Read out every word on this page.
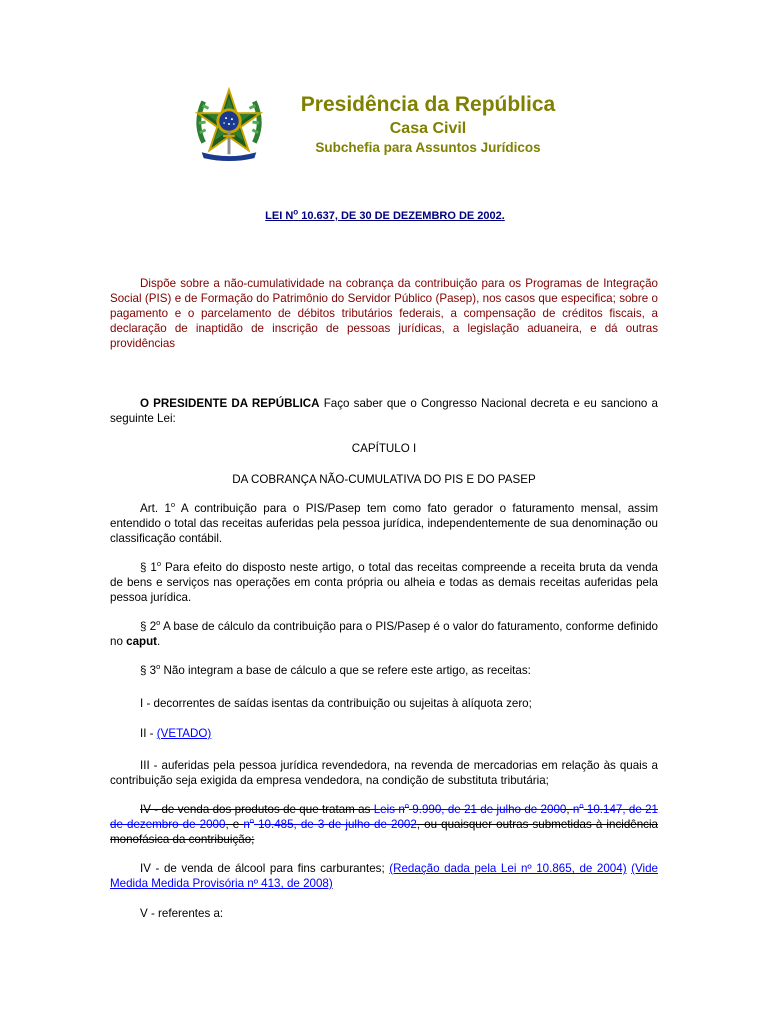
Presidência da República
Casa Civil
Subchefia para Assuntos Jurídicos
LEI $N^o$ 10.637, DE 30 DE DEZEMBRO DE 2002.
Dispõe sobre a não-cumulatividade na cobrança da contribuição para os Programas de Integração Social (PIS) e de Formação do Patrimônio do Servidor Público (Pasep), nos casos que especifica; sobre o pagamento e o parcelamento de débitos tributários federais, a compensação de créditos fiscais, a declaração de inaptidão de inscrição de pessoas jurídicas, a legislação aduaneira, e dá outras providências
O PRESIDENTE DA REPÚBLICA Faço saber que o Congresso Nacional decreta e eu sanciono a seguinte Lei:
CAPÍTULO I
DA COBRANÇA NÃO-CUMULATIVA DO PIS E DO PASEP
Art. 1$^o$ A contribuição para o PIS/Pasep tem como fato gerador o faturamento mensal, assim entendido o total das receitas auferidas pela pessoa jurídica, independentemente de sua denominação ou classificação contábil.
§ 1$^o$ Para efeito do disposto neste artigo, o total das receitas compreende a receita bruta da venda de bens e serviços nas operações em conta própria ou alheia e todas as demais receitas auferidas pela pessoa jurídica.
§ 2$^o$ A base de cálculo da contribuição para o PIS/Pasep é o valor do faturamento, conforme definido no caput.
§ 3$^o$ Não integram a base de cálculo a que se refere este artigo, as receitas:
I - decorrentes de saídas isentas da contribuição ou sujeitas à alíquota zero;
II - (VETADO)
III - auferidas pela pessoa jurídica revendedora, na revenda de mercadorias em relação às quais a contribuição seja exigida da empresa vendedora, na condição de substituta tributária;
IV - de venda dos produtos de que tratam as Leis $n^o$ 9.990, de 21 de julho de 2000, $n^o$ 10.147, de 21 de dezembro de 2000, e $n^o$ 10.485, de 3 de julho de 2002, ou quaisquer outras submetidas à incidência monofásica da contribuição;
IV - de venda de álcool para fins carburantes; (Redação dada pela Lei nº 10.865, de 2004) (Vide Medida Medida Provisória nº 413, de 2008)
V - referentes a:
